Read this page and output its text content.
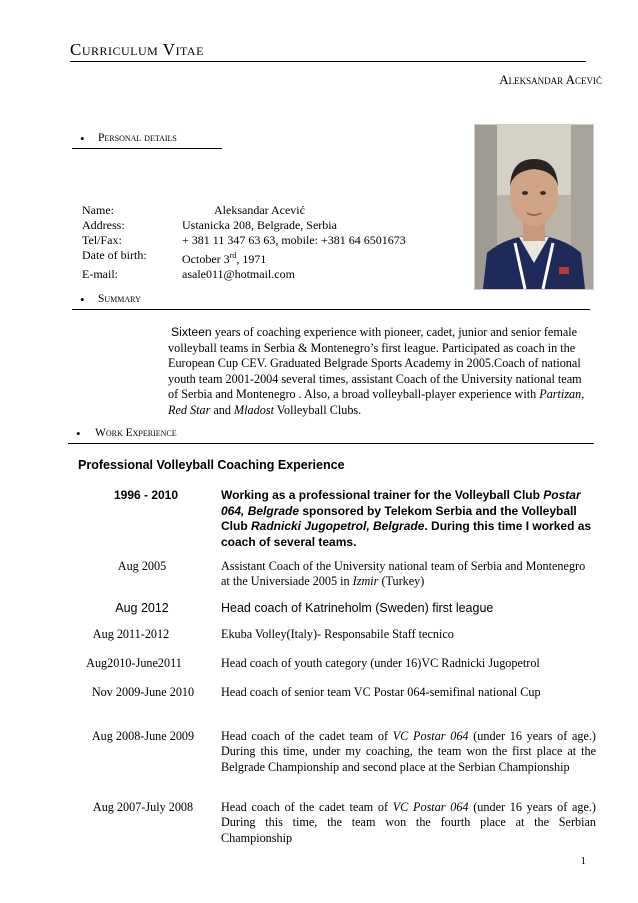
Curriculum Vitae
Aleksandar Acević
• Personal details
Name:	Aleksandar Acević
Address:	Ustanicka 208, Belgrade, Serbia
Tel/Fax:	+ 381 11 347 63 63, mobile: +381 64 6501673
Date of birth:	October 3rd, 1971
E-mail:	asale011@hotmail.com
• Summary
Sixteen years of coaching experience with pioneer, cadet, junior and senior female volleyball teams in Serbia & Montenegro’s first league. Participated as coach in the European Cup CEV. Graduated Belgrade Sports Academy in 2005.Coach of national youth team 2001-2004 several times, assistant Coach of the University national team of Serbia and Montenegro . Also, a broad volleyball-player experience with Partizan, Red Star and Mladost Volleyball Clubs.
• Work Experience
Professional Volleyball Coaching Experience
1996 - 2010	Working as a professional trainer for the Volleyball Club Postar 064, Belgrade sponsored by Telekom Serbia and the Volleyball Club Radnicki Jugopetrol, Belgrade. During this time I worked as coach of several teams.
Aug 2005	Assistant Coach of the University national team of Serbia and Montenegro at the Universiade 2005 in Izmir (Turkey)
Aug 2012	Head coach of Katrineholm (Sweden) first league
Aug 2011-2012	Ekuba Volley(Italy)- Responsabile Staff tecnico
Aug2010-June2011	Head coach of youth category (under 16)VC Radnicki Jugopetrol
Nov 2009-June 2010	Head coach of senior team VC Postar 064-semifinal national Cup
Aug 2008-June 2009	Head coach of the cadet team of VC Postar 064 (under 16 years of age.) During this time, under my coaching, the team won the first place at the Belgrade Championship and second place at the Serbian Championship
Aug 2007-July 2008	Head coach of the cadet team of VC Postar 064 (under 16 years of age.) During this time, the team won the fourth place at the Serbian Championship
1
